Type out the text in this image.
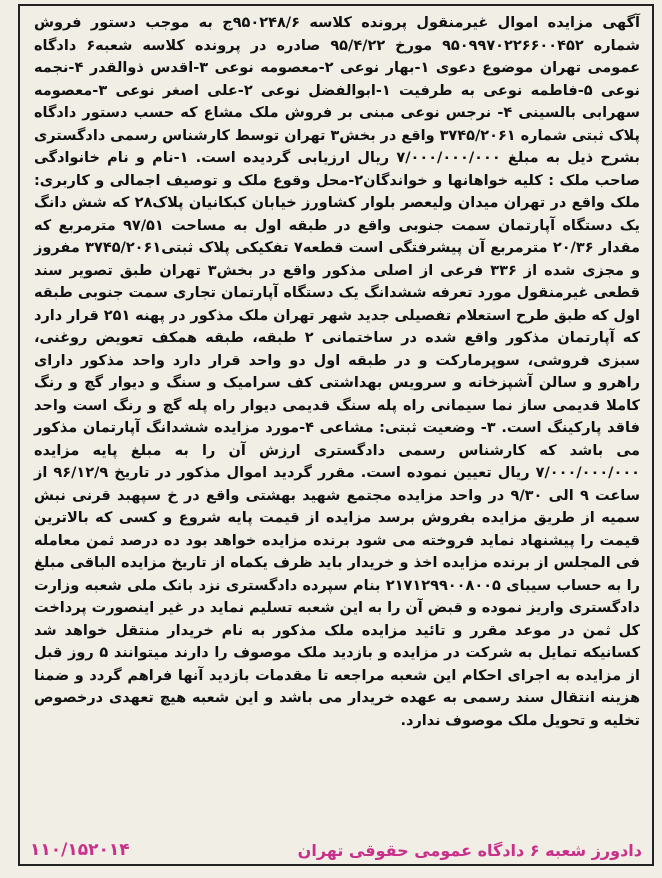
آگهی مزایده اموال غیرمنقول پرونده کلاسه ۹۵۰۲۴۸/۶ج به موجب دستور فروش شماره ۹۵۰۹۹۷۰۲۲۶۶۰۰۴۵۲ مورخ ۹۵/۴/۲۲ صادره در پرونده کلاسه شعبه۶ دادگاه عمومی تهران موضوع دعوی ۱-بهار نوعی ۲-معصومه نوعی ۳-اقدس ذوالقدر ۴-نجمه نوعی ۵-فاطمه نوعی به طرفیت ۱-ابوالفضل نوعی ۲-علی اصغر نوعی ۳-معصومه سهرابی بالسینی ۴- نرجس نوعی مبنی بر فروش ملک مشاع که حسب دستور دادگاه پلاک ثبتی شماره ۳۷۴۵/۲۰۶۱ واقع در بخش۳ تهران توسط کارشناس رسمی دادگستری بشرح ذیل به مبلغ ۷/۰۰۰/۰۰۰/۰۰۰ ریال ارزیابی گردیده است. ۱-نام و نام خانوادگی صاحب ملک : کلیه خواهانها و خواندگان۲-محل وقوع ملک و توصیف اجمالی و کاربری: ملک واقع در تهران میدان ولیعصر بلوار کشاورز خیابان کبکانیان پلاک۲۸ که شش دانگ یک دستگاه آپارتمان سمت جنوبی واقع در طبقه اول به مساحت ۹۷/۵۱ مترمربع که مقدار ۲۰/۳۶ مترمربع آن پیشرفتگی است قطعه۷ تفکیکی پلاک ثبتی۳۷۴۵/۲۰۶۱ مفروز و مجزی شده از ۳۳۶ فرعی از اصلی مذکور واقع در بخش۳ تهران طبق تصویر سند قطعی غیرمنقول مورد تعرفه ششدانگ یک دستگاه آپارتمان تجاری سمت جنوبی طبقه اول که طبق طرح استعلام تفصیلی جدید شهر تهران ملک مذکور در پهنه ۲۵۱ قرار دارد که آپارتمان مذکور واقع شده در ساختمانی ۲ طبقه، طبقه همکف تعویض روغنی، سبزی فروشی، سوپرمارکت و در طبقه اول دو واحد قرار دارد واحد مذکور دارای راهرو و سالن آشپزخانه و سرویس بهداشتی کف سرامیک و سنگ و دیوار گچ و رنگ کاملا قدیمی ساز نما سیمانی راه پله سنگ قدیمی دیوار راه پله گچ و رنگ است واحد فاقد پارکینگ است. ۳- وضعیت ثبتی: مشاعی ۴-مورد مزایده ششدانگ آپارتمان مذکور می باشد که کارشناس رسمی دادگستری ارزش آن را به مبلغ پایه مزایده ۷/۰۰۰/۰۰۰/۰۰۰ ریال تعیین نموده است. مقرر گردید اموال مذکور در تاریخ ۹۶/۱۲/۹ از ساعت ۹ الی ۹/۳۰ در واحد مزایده مجتمع شهید بهشتی واقع در خ سپهبد قرنی نبش سمیه از طریق مزایده بفروش برسد مزایده از قیمت پایه شروع و کسی که بالاترین قیمت را پیشنهاد نماید فروخته می شود برنده مزایده خواهد بود ده درصد ثمن معامله فی المجلس از برنده مزایده اخذ و خریدار باید ظرف یکماه از تاریخ مزایده الباقی مبلغ را به حساب سیبای ۲۱۷۱۲۹۹۰۰۸۰۰۵ بنام سپرده دادگستری نزد بانک ملی شعبه وزارت دادگستری واریز نموده و قبض آن را به این شعبه تسلیم نماید در غیر اینصورت پرداخت کل ثمن در موعد مقرر و تائید مزایده ملک مذکور به نام خریدار منتقل خواهد شد کسانیکه تمایل به شرکت در مزایده و بازدید ملک موصوف را دارند میتوانند ۵ روز قبل از مزایده به اجرای احکام این شعبه مراجعه تا مقدمات بازدید آنها فراهم گردد و ضمنا هزینه انتقال سند رسمی به عهده خریدار می باشد و این شعبه هیچ تعهدی درخصوص تخلیه و تحویل ملک موصوف ندارد.

دادورز شعبه ۶ دادگاه عمومی حقوقی تهران
۱۱۰/۱۵۲۰۱۴
